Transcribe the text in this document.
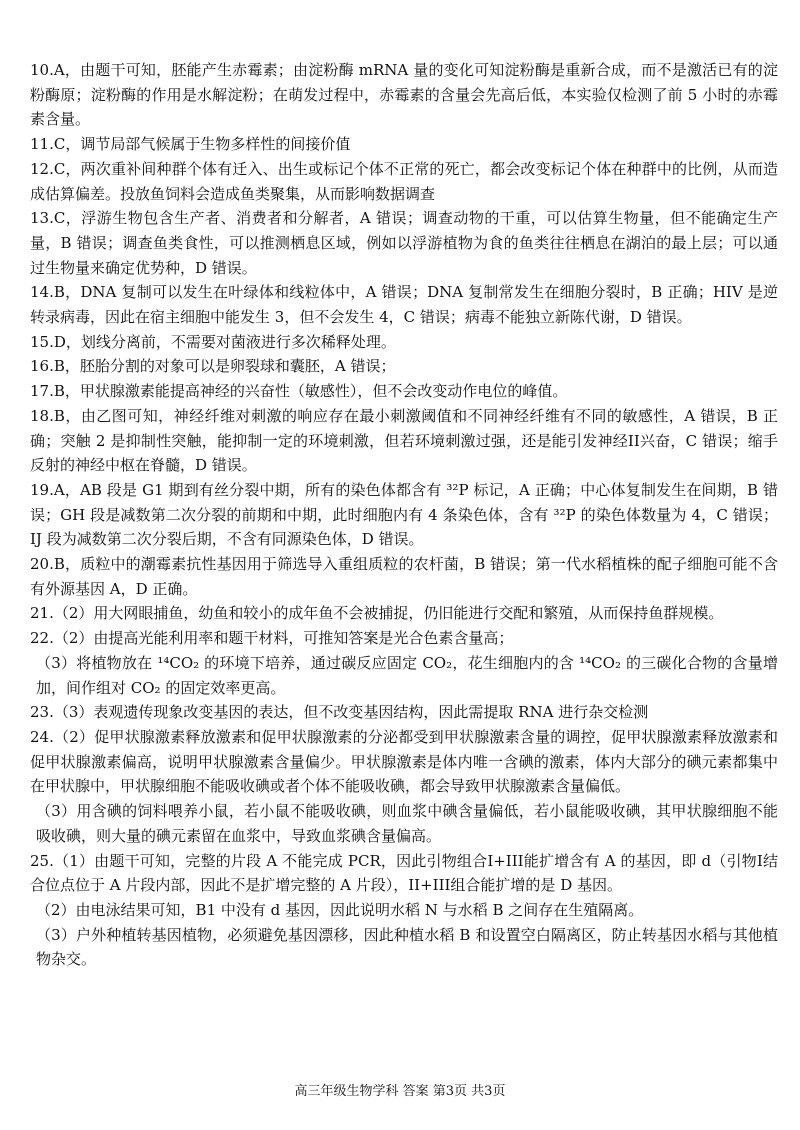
10.A，由题干可知，胚能产生赤霉素；由淀粉酶 mRNA 量的变化可知淀粉酶是重新合成，而不是激活已有的淀粉酶原；淀粉酶的作用是水解淀粉；在萌发过程中，赤霉素的含量会先高后低，本实验仅检测了前 5 小时的赤霉素含量。

11.C，调节局部气候属于生物多样性的间接价值

12.C，两次重补间种群个体有迁入、出生或标记个体不正常的死亡，都会改变标记个体在种群中的比例，从而造成估算偏差。投放鱼饲料会造成鱼类聚集，从而影响数据调查

13.C，浮游生物包含生产者、消费者和分解者，A 错误；调查动物的干重，可以估算生物量，但不能确定生产量，B 错误；调查鱼类食性，可以推测栖息区域，例如以浮游植物为食的鱼类往往栖息在湖泊的最上层；可以通过生物量来确定优势种，D 错误。

14.B，DNA 复制可以发生在叶绿体和线粒体中，A 错误；DNA 复制常发生在细胞分裂时，B 正确；HIV 是逆转录病毒，因此在宿主细胞中能发生 3，但不会发生 4，C 错误；病毒不能独立新陈代谢，D 错误。

15.D，划线分离前，不需要对菌液进行多次稀释处理。

16.B，胚胎分割的对象可以是卵裂球和囊胚，A 错误；

17.B，甲状腺激素能提高神经的兴奋性（敏感性），但不会改变动作电位的峰值。

18.B，由乙图可知，神经纤维对刺激的响应存在最小刺激阈值和不同神经纤维有不同的敏感性，A 错误，B 正确；突触 2 是抑制性突触，能抑制一定的环境刺激，但若环境刺激过强，还是能引发神经II兴奋，C 错误；缩手反射的神经中枢在脊髓，D 错误。

19.A，AB 段是 G1 期到有丝分裂中期，所有的染色体都含有 ³²P 标记，A 正确；中心体复制发生在间期，B 错误；GH 段是减数第二次分裂的前期和中期，此时细胞内有 4 条染色体，含有 ³²P 的染色体数量为 4，C 错误；IJ 段为减数第二次分裂后期，不含有同源染色体，D 错误。

20.B，质粒中的潮霉素抗性基因用于筛选导入重组质粒的农杆菌，B 错误；第一代水稻植株的配子细胞可能不含有外源基因 A，D 正确。

21.（2）用大网眼捕鱼，幼鱼和较小的成年鱼不会被捕捉，仍旧能进行交配和繁殖，从而保持鱼群规模。

22.（2）由提高光能利用率和题干材料，可推知答案是光合色素含量高；

（3）将植物放在 ¹⁴CO₂ 的环境下培养，通过碳反应固定 CO₂，花生细胞内的含 ¹⁴CO₂ 的三碳化合物的含量增加，间作组对 CO₂ 的固定效率更高。

23.（3）表观遗传现象改变基因的表达，但不改变基因结构，因此需提取 RNA 进行杂交检测

24.（2）促甲状腺激素释放激素和促甲状腺激素的分泌都受到甲状腺激素含量的调控，促甲状腺激素释放激素和促甲状腺激素偏高，说明甲状腺激素含量偏少。甲状腺激素是体内唯一含碘的激素，体内大部分的碘元素都集中在甲状腺中，甲状腺细胞不能吸收碘或者个体不能吸收碘，都会导致甲状腺激素含量偏低。

（3）用含碘的饲料喂养小鼠，若小鼠不能吸收碘，则血浆中碘含量偏低，若小鼠能吸收碘，其甲状腺细胞不能吸收碘，则大量的碘元素留在血浆中，导致血浆碘含量偏高。

25.（1）由题干可知，完整的片段 A 不能完成 PCR，因此引物组合I+III能扩增含有 A 的基因，即 d（引物I结合位点位于 A 片段内部，因此不是扩增完整的 A 片段），II+III组合能扩增的是 D 基因。

（2）由电泳结果可知，B1 中没有 d 基因，因此说明水稻 N 与水稻 B 之间存在生殖隔离。

（3）户外种植转基因植物，必须避免基因漂移，因此种植水稻 B 和设置空白隔离区，防止转基因水稻与其他植物杂交。

高三年级生物学科 答案 第3页 共3页
